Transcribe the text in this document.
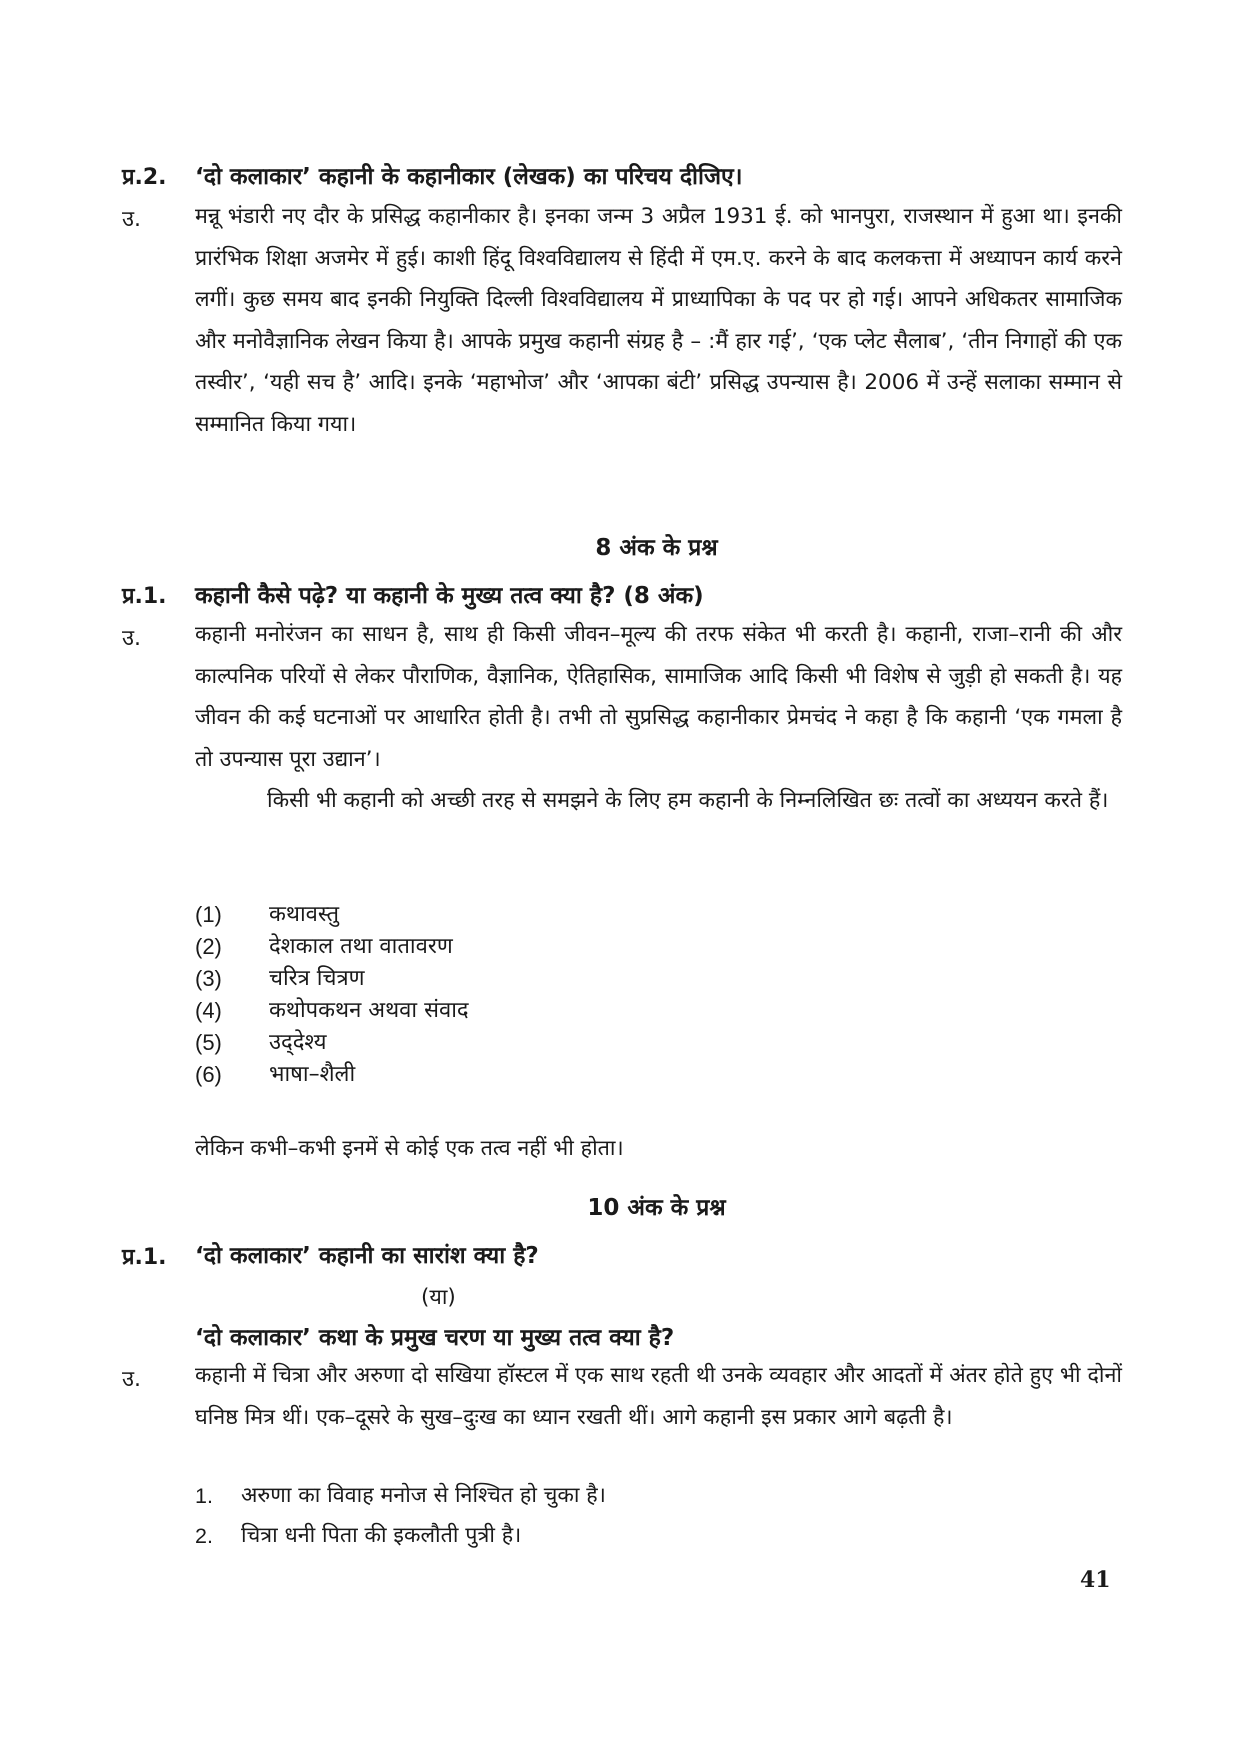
प्र.2. ‘दो कलाकार’ कहानी के कहानीकार (लेखक) का परिचय दीजिए।
उ.	मन्नू भंडारी नए दौर के प्रसिद्ध कहानीकार है। इनका जन्म 3 अप्रैल 1931 ई. को भानपुरा, राजस्थान में हुआ था। इनकी प्रारंभिक शिक्षा अजमेर में हुई। काशी हिंदू विश्वविद्यालय से हिंदी में एम.ए. करने के बाद कलकत्ता में अध्यापन कार्य करने लगीं। कुछ समय बाद इनकी नियुक्ति दिल्ली विश्वविद्यालय में प्राध्यापिका के पद पर हो गई। आपने अधिकतर सामाजिक और मनोवैज्ञानिक लेखन किया है। आपके प्रमुख कहानी संग्रह है – :मैं हार गई’, ‘एक प्लेट सैलाब’, ‘तीन निगाहों की एक तस्वीर’, ‘यही सच है’ आदि। इनके ‘महाभोज’ और ‘आपका बंटी’ प्रसिद्ध उपन्यास है। 2006 में उन्हें सलाका सम्मान से सम्मानित किया गया।
8 अंक के प्रश्न
प्र.1. कहानी कैसे पढ़े? या कहानी के मुख्य तत्व क्या है? (8 अंक)
उ.	कहानी मनोरंजन का साधन है, साथ ही किसी जीवन–मूल्य की तरफ संकेत भी करती है। कहानी, राजा–रानी की और काल्पनिक परियों से लेकर पौराणिक, वैज्ञानिक, ऐतिहासिक, सामाजिक आदि किसी भी विशेष से जुड़ी हो सकती है। यह जीवन की कई घटनाओं पर आधारित होती है। तभी तो सुप्रसिद्ध कहानीकार प्रेमचंद ने कहा है कि कहानी ‘एक गमला है तो उपन्यास पूरा उद्यान’।
किसी भी कहानी को अच्छी तरह से समझने के लिए हम कहानी के निम्नलिखित छः तत्वों का अध्ययन करते हैं।
(1)	कथावस्तु
(2)	देशकाल तथा वातावरण
(3)	चरित्र चित्रण
(4)	कथोपकथन अथवा संवाद
(5)	उद्‍देश्य
(6)	भाषा–शैली
लेकिन कभी–कभी इनमें से कोई एक तत्व नहीं भी होता।
10 अंक के प्रश्न
प्र.1. ‘दो कलाकार’ कहानी का सारांश क्या है?
(या)
‘दो कलाकार’ कथा के प्रमुख चरण या मुख्य तत्व क्या है?
उ.	कहानी में चित्रा और अरुणा दो सखिया हॉस्टल में एक साथ रहती थी उनके व्यवहार और आदतों में अंतर होते हुए भी दोनों घनिष्ठ मित्र थीं। एक–दूसरे के सुख–दुःख का ध्यान रखती थीं। आगे कहानी इस प्रकार आगे बढ़ती है।
1.	अरुणा का विवाह मनोज से निश्चित हो चुका है।
2.	चित्रा धनी पिता की इकलौती पुत्री है।
41
